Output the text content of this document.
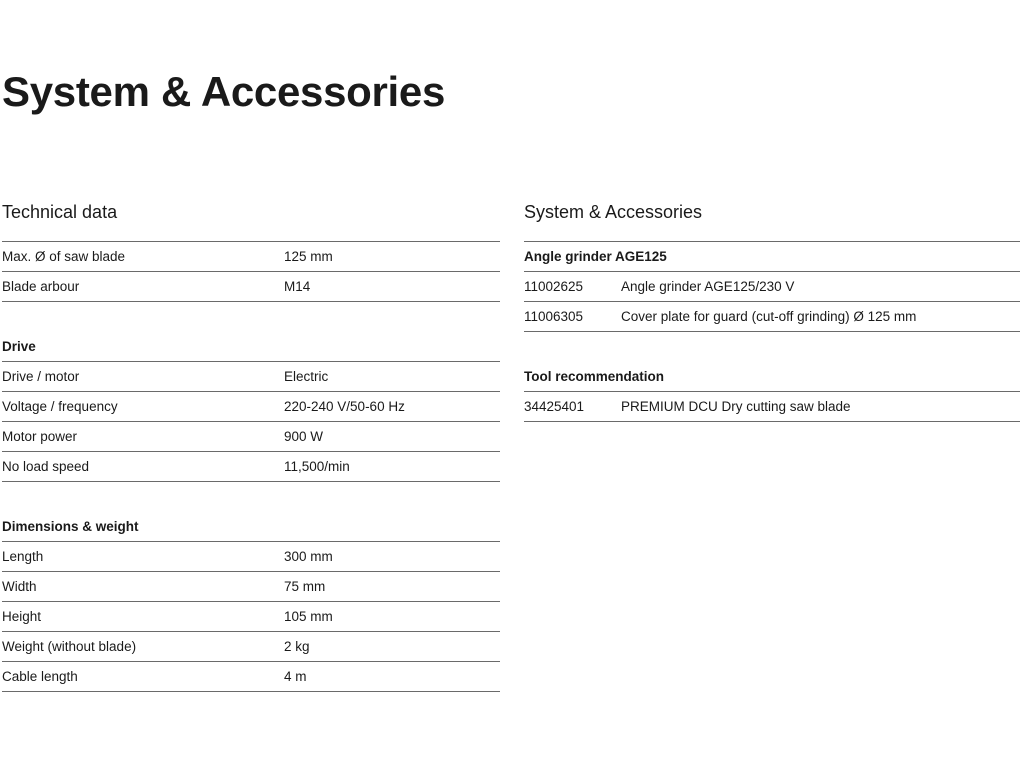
System & Accessories
Technical data
Max. Ø of saw blade	125 mm
Blade arbour	M14
Drive
Drive / motor	Electric
Voltage / frequency	220-240 V/50-60 Hz
Motor power	900 W
No load speed	11,500/min
Dimensions & weight
Length	300 mm
Width	75 mm
Height	105 mm
Weight (without blade)	2 kg
Cable length	4 m
System & Accessories
Angle grinder AGE125
11002625	Angle grinder AGE125/230 V
11006305	Cover plate for guard (cut-off grinding) Ø 125 mm
Tool recommendation
34425401	PREMIUM DCU Dry cutting saw blade
